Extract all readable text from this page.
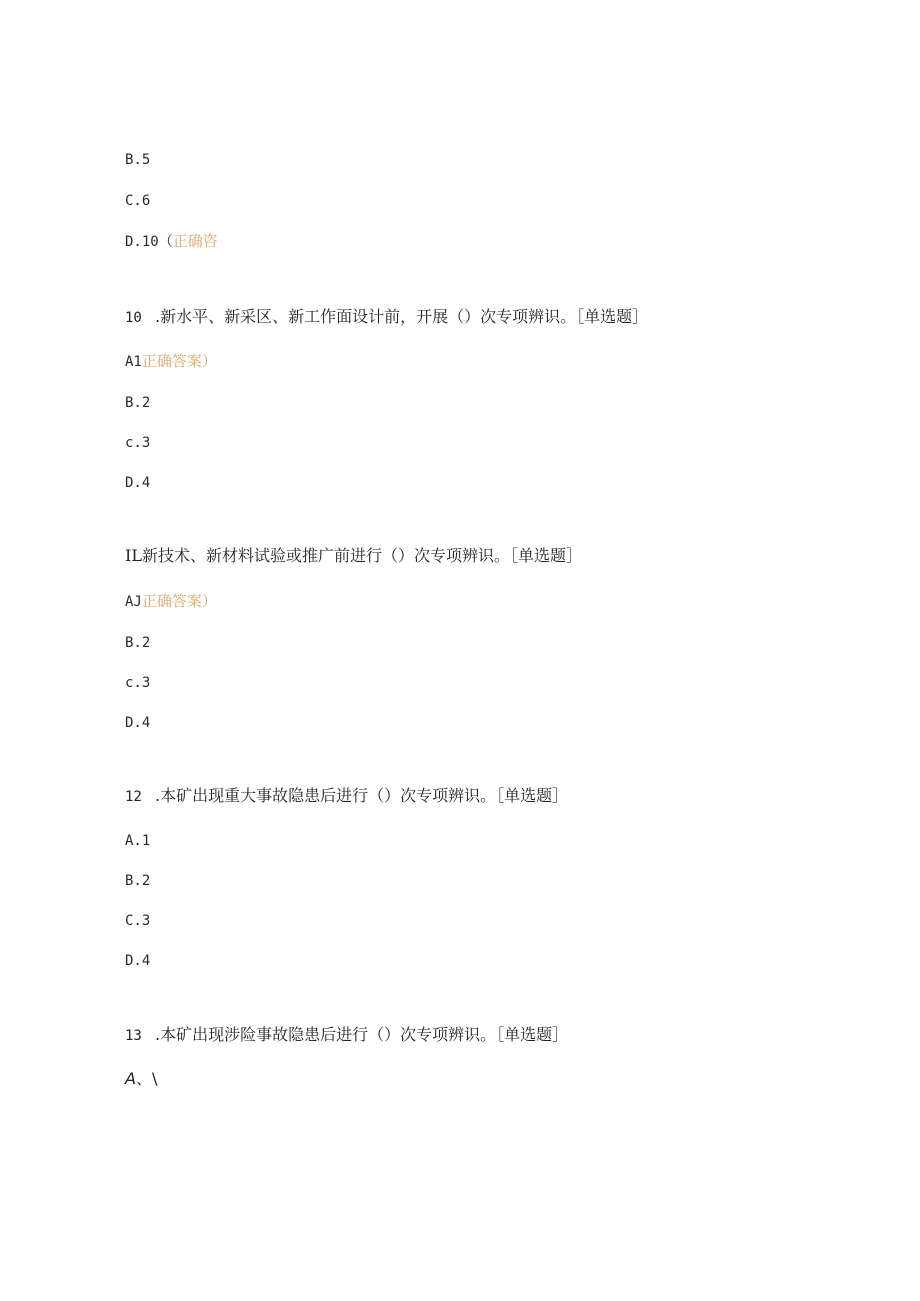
B.5
C.6
D.10（正确咨
10 .新水平、新采区、新工作面设计前，开展（）次专项辨识。［单选题］
A1正确答案）
B.2
c.3
D.4
IL新技术、新材料试验或推广前进行（）次专项辨识。［单选题］
AJ正确答案）
B.2
c.3
D.4
12 .本矿出现重大事故隐患后进行（）次专项辨识。［单选题］
A.1
B.2
C.3
D.4
13 .本矿出现涉险事故隐患后进行（）次专项辨识。［单选题］
A、\
